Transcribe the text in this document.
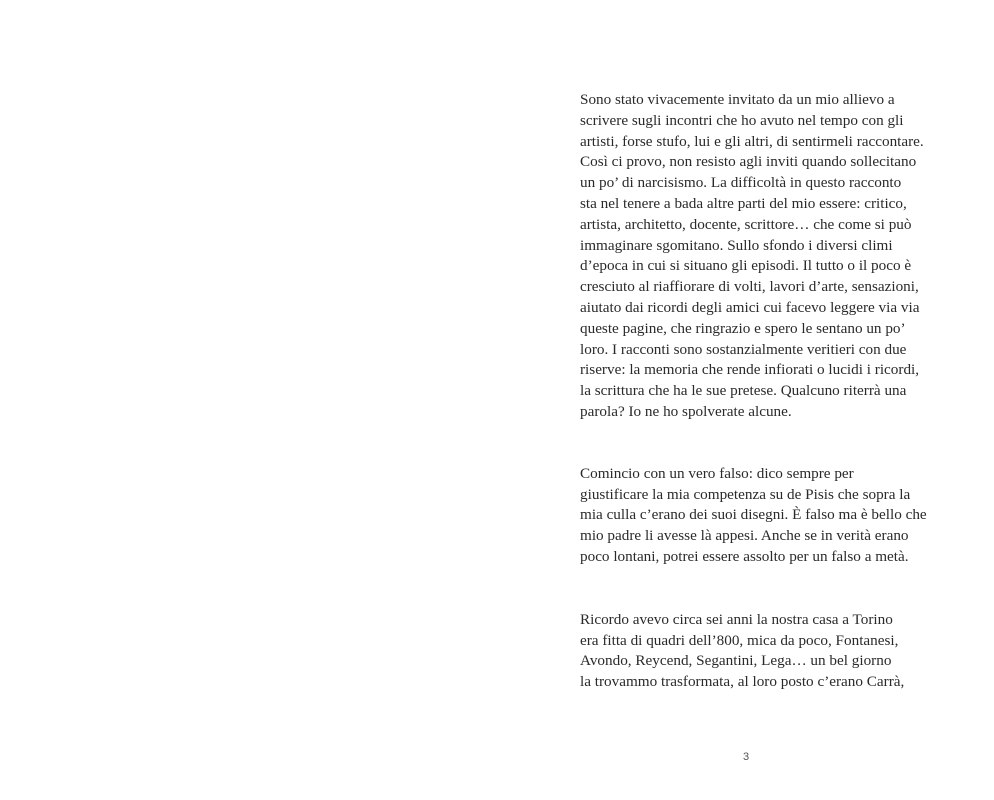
Sono stato vivacemente invitato da un mio allievo a
scrivere sugli incontri che ho avuto nel tempo con gli
artisti, forse stufo, lui e gli altri, di sentirmeli raccontare.
Così ci provo, non resisto agli inviti quando sollecitano
un po’ di narcisismo. La difficoltà in questo racconto
sta nel tenere a bada altre parti del mio essere: critico,
artista, architetto, docente, scrittore… che come si può
immaginare sgomitano. Sullo sfondo i diversi climi
d’epoca in cui si situano gli episodi. Il tutto o il poco è
cresciuto al riaffiorare di volti, lavori d’arte, sensazioni,
aiutato dai ricordi degli amici cui facevo leggere via via
queste pagine, che ringrazio e spero le sentano un po’
loro. I racconti sono sostanzialmente veritieri con due
riserve: la memoria che rende infiorati o lucidi i ricordi,
la scrittura che ha le sue pretese. Qualcuno riterrà una
parola? Io ne ho spolverate alcune.

Comincio con un vero falso: dico sempre per
giustificare la mia competenza su de Pisis che sopra la
mia culla c’erano dei suoi disegni. È falso ma è bello che
mio padre li avesse là appesi. Anche se in verità erano
poco lontani, potrei essere assolto per un falso a metà.

Ricordo avevo circa sei anni la nostra casa a Torino
era fitta di quadri dell’800, mica da poco, Fontanesi,
Avondo, Reycend, Segantini, Lega… un bel giorno
la trovammo trasformata, al loro posto c’erano Carrà,

3
